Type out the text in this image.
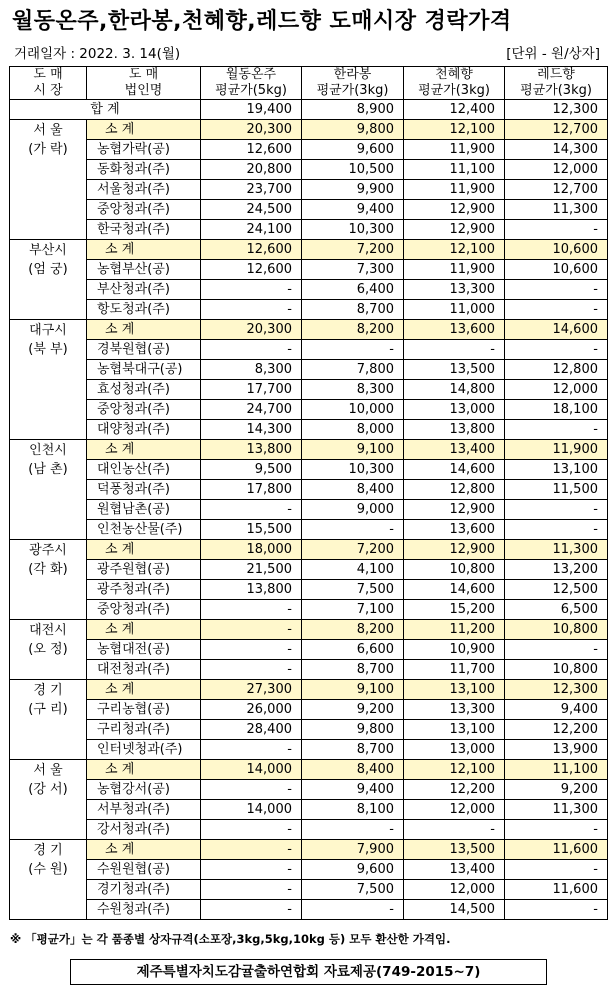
월동온주,한라봉,천혜향,레드향 도매시장 경락가격
거래일자 : 2022. 3. 14(월)	[단위 - 원/상자]
도 매	도 매	월동온주	한라봉	천혜향	레드향
시 장	법인명	평균가(5kg)	평균가(3kg)	평균가(3kg)	평균가(3kg)
합 계		19,400	8,900	12,400	12,300

서 울
(가 락)	소 계	20,300	9,800	12,100	12,700
	농협가락(공)	12,600	9,600	11,900	14,300
	동화청과(주)	20,800	10,500	11,100	12,000
	서울청과(주)	23,700	9,900	11,900	12,700
	중앙청과(주)	24,500	9,400	12,900	11,300
	한국청과(주)	24,100	10,300	12,900	-

부산시
(엄 궁)	소 계	12,600	7,200	12,100	10,600
	농협부산(공)	12,600	7,300	11,900	10,600
	부산청과(주)	-	6,400	13,300	-
	항도청과(주)	-	8,700	11,000	-

대구시
(북 부)	소 계	20,300	8,200	13,600	14,600
	경북원협(공)	-	-	-	-
	농협북대구(공)	8,300	7,800	13,500	12,800
	효성청과(주)	17,700	8,300	14,800	12,000
	중앙청과(주)	24,700	10,000	13,000	18,100
	대양청과(주)	14,300	8,000	13,800	-

인천시
(남 촌)	소 계	13,800	9,100	13,400	11,900
	대인농산(주)	9,500	10,300	14,600	13,100
	덕풍청과(주)	17,800	8,400	12,800	11,500
	원협남촌(공)	-	9,000	12,900	-
	인천농산물(주)	15,500	-	13,600	-

광주시
(각 화)	소 계	18,000	7,200	12,900	11,300
	광주원협(공)	21,500	4,100	10,800	13,200
	광주청과(주)	13,800	7,500	14,600	12,500
	중앙청과(주)	-	7,100	15,200	6,500

대전시
(오 정)	소 계	-	8,200	11,200	10,800
	농협대전(공)	-	6,600	10,900	-
	대전청과(주)	-	8,700	11,700	10,800

경 기
(구 리)	소 계	27,300	9,100	13,100	12,300
	구리농협(공)	26,000	9,200	13,300	9,400
	구리청과(주)	28,400	9,800	13,100	12,200
	인터넷청과(주)	-	8,700	13,000	13,900

서 울
(강 서)	소 계	14,000	8,400	12,100	11,100
	농협강서(공)	-	9,400	12,200	9,200
	서부청과(주)	14,000	8,100	12,000	11,300
	강서청과(주)	-	-	-	-

경 기
(수 원)	소 계	-	7,900	13,500	11,600
	수원원협(공)	-	9,600	13,400	-
	경기청과(주)	-	7,500	12,000	11,600
	수원청과(주)	-	-	14,500	-
※ 「평균가」는 각 품종별 상자규격(소포장,3kg,5kg,10kg 등) 모두 환산한 가격임.
제주특별자치도감귤출하연합회 자료제공(749-2015~7)
